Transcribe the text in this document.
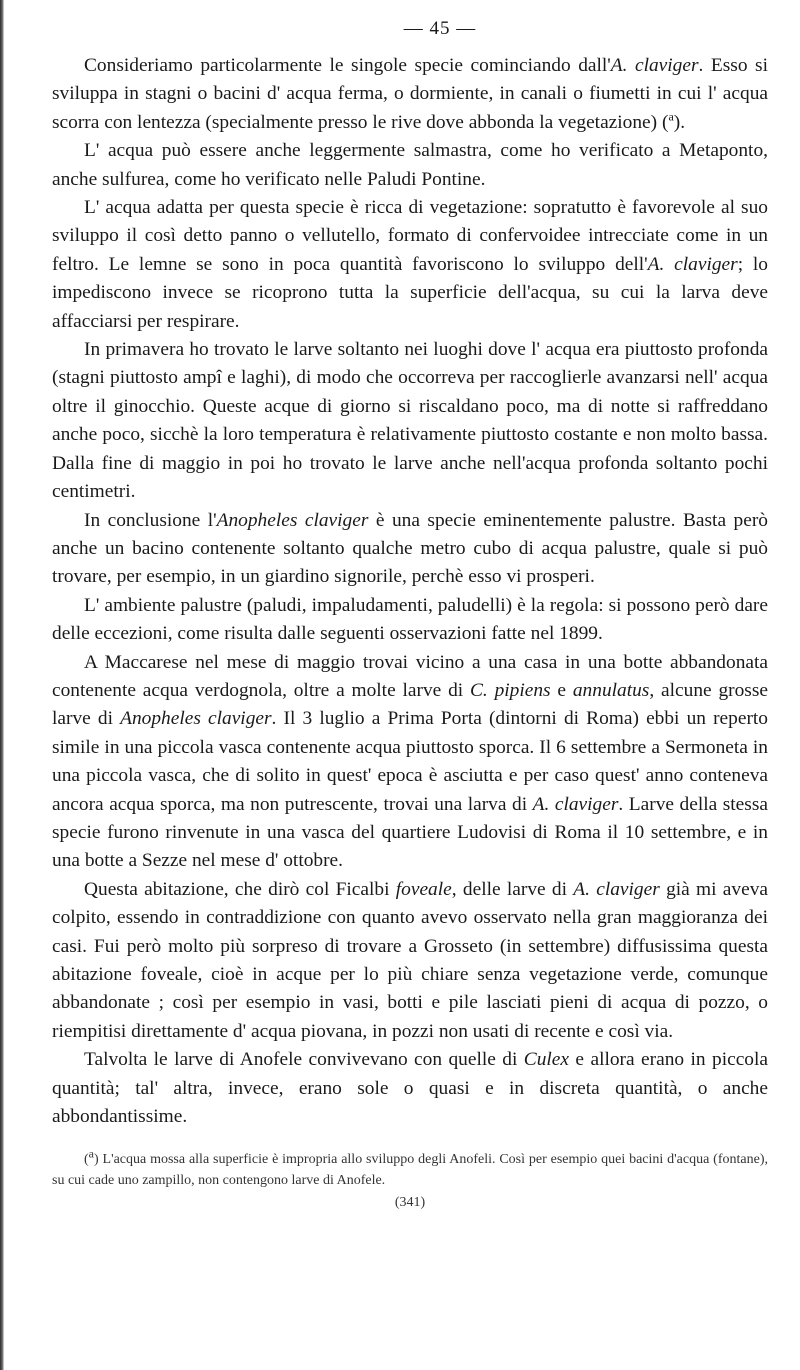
— 45 —

Consideriamo particolarmente le singole specie cominciando dall'A. claviger. Esso si sviluppa in stagni o bacini d' acqua ferma, o dormiente, in canali o fiumetti in cui l' acqua scorra con lentezza (specialmente presso le rive dove abbonda la vegetazione) ($^a$).

L' acqua può essere anche leggermente salmastra, come ho verificato a Metaponto, anche sulfurea, come ho verificato nelle Paludi Pontine.

L' acqua adatta per questa specie è ricca di vegetazione: sopratutto è favorevole al suo sviluppo il così detto panno o vellutello, formato di confervoidee intrecciate come in un feltro. Le lemne se sono in poca quantità favoriscono lo sviluppo dell'A. claviger; lo impediscono invece se ricoprono tutta la superficie dell'acqua, su cui la larva deve affacciarsi per respirare.

In primavera ho trovato le larve soltanto nei luoghi dove l' acqua era piuttosto profonda (stagni piuttosto ampî e laghi), di modo che occorreva per raccoglierle avanzarsi nell' acqua oltre il ginocchio. Queste acque di giorno si riscaldano poco, ma di notte si raffreddano anche poco, sicchè la loro temperatura è relativamente piuttosto costante e non molto bassa. Dalla fine di maggio in poi ho trovato le larve anche nell'acqua profonda soltanto pochi centimetri.

In conclusione l'Anopheles claviger è una specie eminentemente palustre. Basta però anche un bacino contenente soltanto qualche metro cubo di acqua palustre, quale si può trovare, per esempio, in un giardino signorile, perchè esso vi prosperi.

L' ambiente palustre (paludi, impaludamenti, paludelli) è la regola: si possono però dare delle eccezioni, come risulta dalle seguenti osservazioni fatte nel 1899.

A Maccarese nel mese di maggio trovai vicino a una casa in una botte abbandonata contenente acqua verdognola, oltre a molte larve di C. pipiens e annulatus, alcune grosse larve di Anopheles claviger. Il 3 luglio a Prima Porta (dintorni di Roma) ebbi un reperto simile in una piccola vasca contenente acqua piuttosto sporca. Il 6 settembre a Sermoneta in una piccola vasca, che di solito in quest' epoca è asciutta e per caso quest' anno conteneva ancora acqua sporca, ma non putrescente, trovai una larva di A. claviger. Larve della stessa specie furono rinvenute in una vasca del quartiere Ludovisi di Roma il 10 settembre, e in una botte a Sezze nel mese d' ottobre.

Questa abitazione, che dirò col Ficalbi foveale, delle larve di A. claviger già mi aveva colpito, essendo in contraddizione con quanto avevo osservato nella gran maggioranza dei casi. Fui però molto più sorpreso di trovare a Grosseto (in settembre) diffusissima questa abitazione foveale, cioè in acque per lo più chiare senza vegetazione verde, comunque abbandonate ; così per esempio in vasi, botti e pile lasciati pieni di acqua di pozzo, o riempitisi direttamente d' acqua piovana, in pozzi non usati di recente e così via.

Talvolta le larve di Anofele convivevano con quelle di Culex e allora erano in piccola quantità; tal' altra, invece, erano sole o quasi e in discreta quantità, o anche abbondantissime.

(a) L'acqua mossa alla superficie è impropria allo sviluppo degli Anofeli. Così per esempio quei bacini d'acqua (fontane), su cui cade uno zampillo, non contengono larve di Anofele.
(341)
